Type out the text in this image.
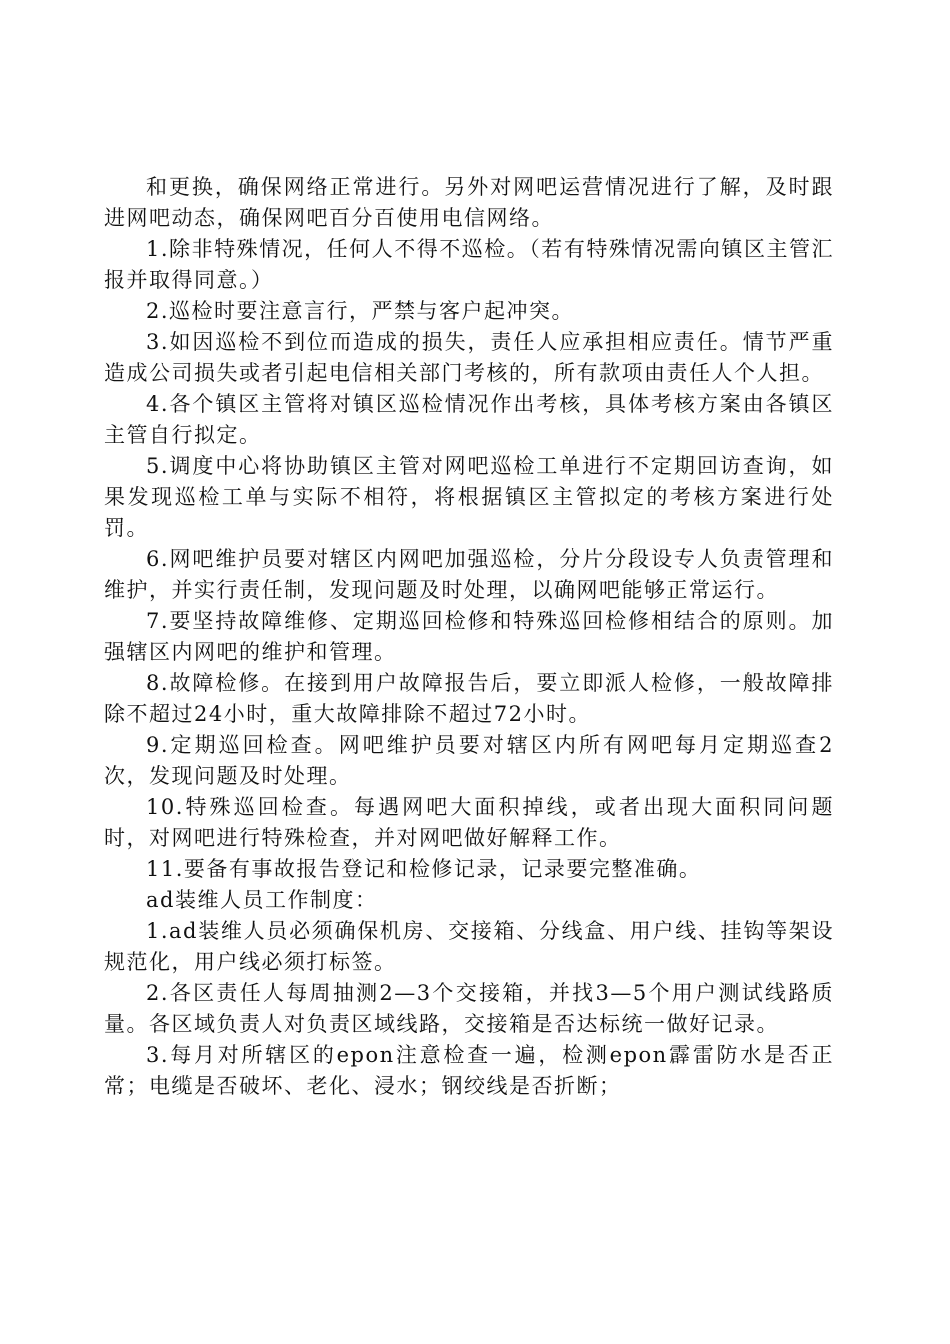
和更换，确保网络正常进行。另外对网吧运营情况进行了解，及时跟进网吧动态，确保网吧百分百使用电信网络。

1.除非特殊情况，任何人不得不巡检。（若有特殊情况需向镇区主管汇报并取得同意。）

2.巡检时要注意言行，严禁与客户起冲突。

3.如因巡检不到位而造成的损失，责任人应承担相应责任。情节严重造成公司损失或者引起电信相关部门考核的，所有款项由责任人个人担。

4.各个镇区主管将对镇区巡检情况作出考核，具体考核方案由各镇区主管自行拟定。

5.调度中心将协助镇区主管对网吧巡检工单进行不定期回访查询，如果发现巡检工单与实际不相符，将根据镇区主管拟定的考核方案进行处罚。

6.网吧维护员要对辖区内网吧加强巡检，分片分段设专人负责管理和维护，并实行责任制，发现问题及时处理，以确网吧能够正常运行。

7.要坚持故障维修、定期巡回检修和特殊巡回检修相结合的原则。加强辖区内网吧的维护和管理。

8.故障检修。在接到用户故障报告后，要立即派人检修，一般故障排除不超过24小时，重大故障排除不超过72小时。

9.定期巡回检查。网吧维护员要对辖区内所有网吧每月定期巡查2次，发现问题及时处理。

10.特殊巡回检查。每遇网吧大面积掉线，或者出现大面积同问题时，对网吧进行特殊检查，并对网吧做好解释工作。

11.要备有事故报告登记和检修记录，记录要完整准确。

ad装维人员工作制度：

1.ad装维人员必须确保机房、交接箱、分线盒、用户线、挂钩等架设规范化，用户线必须打标签。

2.各区责任人每周抽测2—3个交接箱，并找3—5个用户测试线路质量。各区域负责人对负责区域线路，交接箱是否达标统一做好记录。

3.每月对所辖区的epon注意检查一遍，检测epon霹雷防水是否正常；电缆是否破坏、老化、浸水；钢绞线是否折断；
